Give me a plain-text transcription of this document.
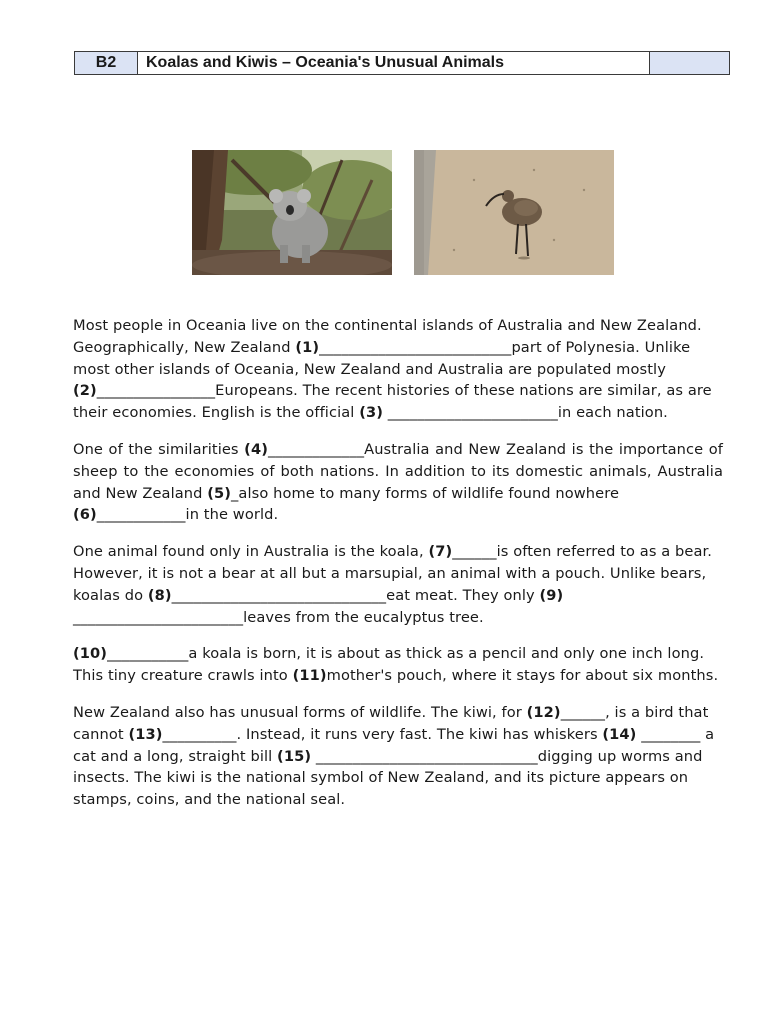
B2	Koalas and Kiwis – Oceania's Unusual Animals

Most people in Oceania live on the continental islands of Australia and New Zealand. Geographically, New Zealand (1)__________________________part of Polynesia. Unlike most other islands of Oceania, New Zealand and Australia are populated mostly (2)________________Europeans. The recent histories of these nations are similar, as are their economies. English is the official (3) _______________________in each nation.

One of the similarities (4)_____________Australia and New Zealand is the importance of sheep to the economies of both nations. In addition to its domestic animals, Australia and New Zealand (5)_also home to many forms of wildlife found nowhere
(6)____________in the world.

One animal found only in Australia is the koala, (7)______is often referred to as a bear. However, it is not a bear at all but a marsupial, an animal with a pouch. Unlike bears, koalas do (8)_____________________________eat meat. They only (9) _______________________leaves from the eucalyptus tree.

(10)___________a koala is born, it is about as thick as a pencil and only one inch long. This tiny creature crawls into (11)mother's pouch, where it stays for about six months.

New Zealand also has unusual forms of wildlife. The kiwi, for (12)______, is a bird that cannot (13)__________. Instead, it runs very fast. The kiwi has whiskers (14) ________ a cat and a long, straight bill (15) ______________________________digging up worms and insects. The kiwi is the national symbol of New Zealand, and its picture appears on stamps, coins, and the national seal.
